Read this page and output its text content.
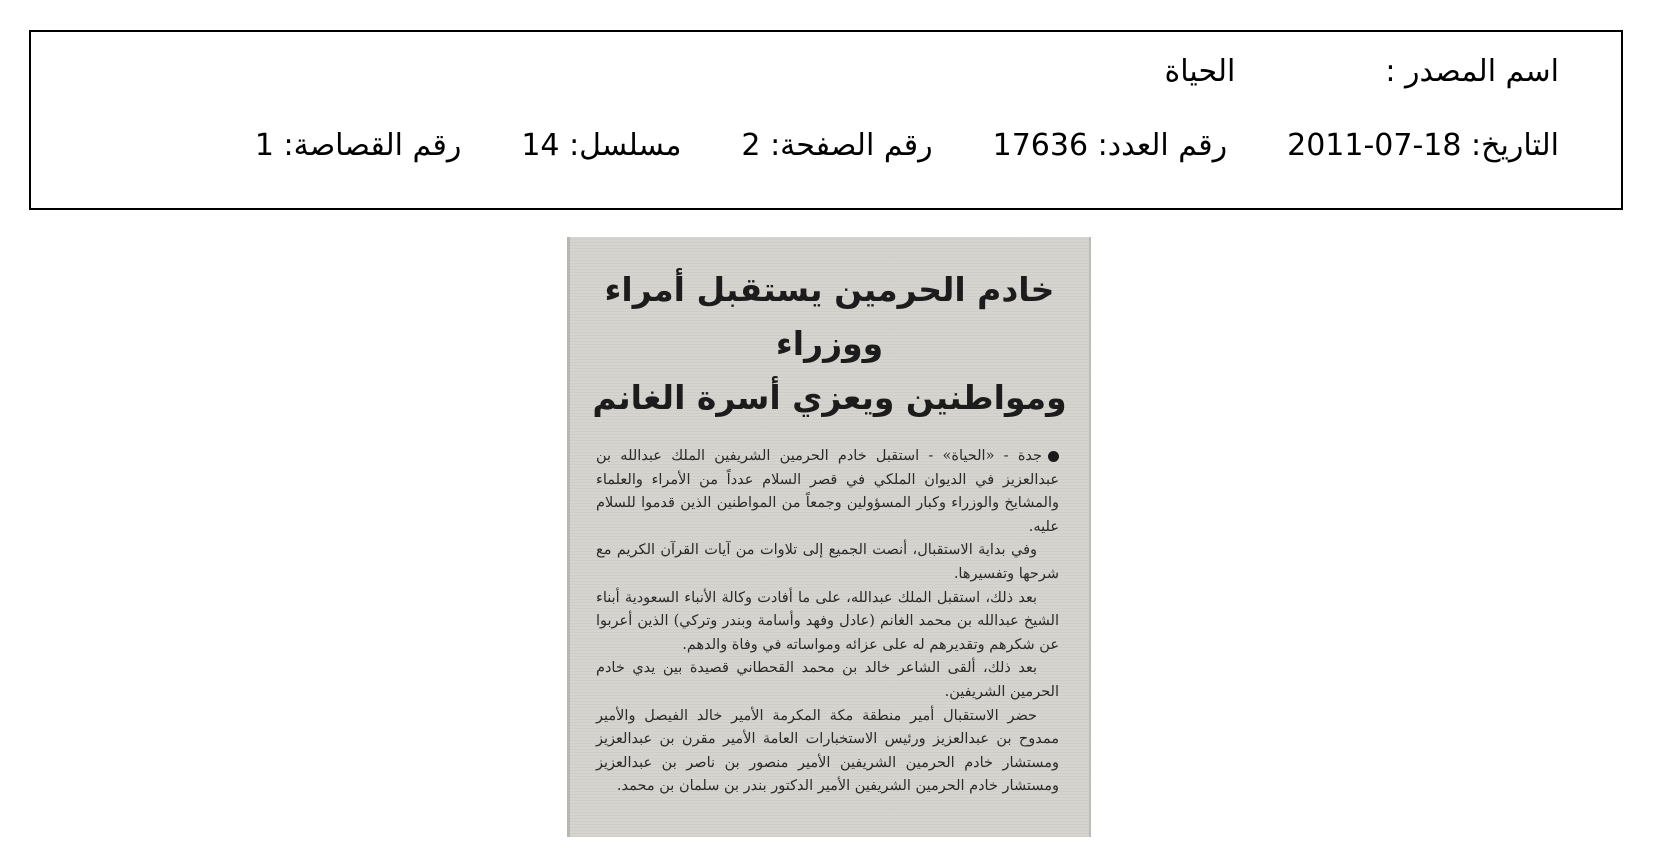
اسم المصدر :
الحياة
التاريخ:

2011-07-18
رقم العدد:

17636
رقم الصفحة:

2
مسلسل:

14
رقم القصاصة:

1
خادم الحرمين يستقبل أمراء ووزراء
ومواطنين ويعزي أسرة الغانم

جدة - «الحياة» - استقبل خادم الحرمين الشريفين الملك عبدالله بن عبدالعزيز في الديوان الملكي في قصر السلام عدداً من الأمراء والعلماء والمشايخ والوزراء وكبار المسؤولين وجمعاً من المواطنين الذين قدموا للسلام عليه.

وفي بداية الاستقبال، أنصت الجميع إلى تلاوات من آيات القرآن الكريم مع شرحها وتفسيرها.

بعد ذلك، استقبل الملك عبدالله، على ما أفادت وكالة الأنباء السعودية أبناء الشيخ عبدالله بن محمد الغانم (عادل وفهد وأسامة وبندر وتركي) الذين أعربوا عن شكرهم وتقديرهم له على عزائه ومواساته في وفاة والدهم.

بعد ذلك، ألقى الشاعر خالد بن محمد القحطاني قصيدة بين يدي خادم الحرمين الشريفين.

حضر الاستقبال أمير منطقة مكة المكرمة الأمير خالد الفيصل والأمير ممدوح بن عبدالعزيز ورئيس الاستخبارات العامة الأمير مقرن بن عبدالعزيز ومستشار خادم الحرمين الشريفين الأمير منصور بن ناصر بن عبدالعزيز ومستشار خادم الحرمين الشريفين الأمير الدكتور بندر بن سلمان بن محمد.
